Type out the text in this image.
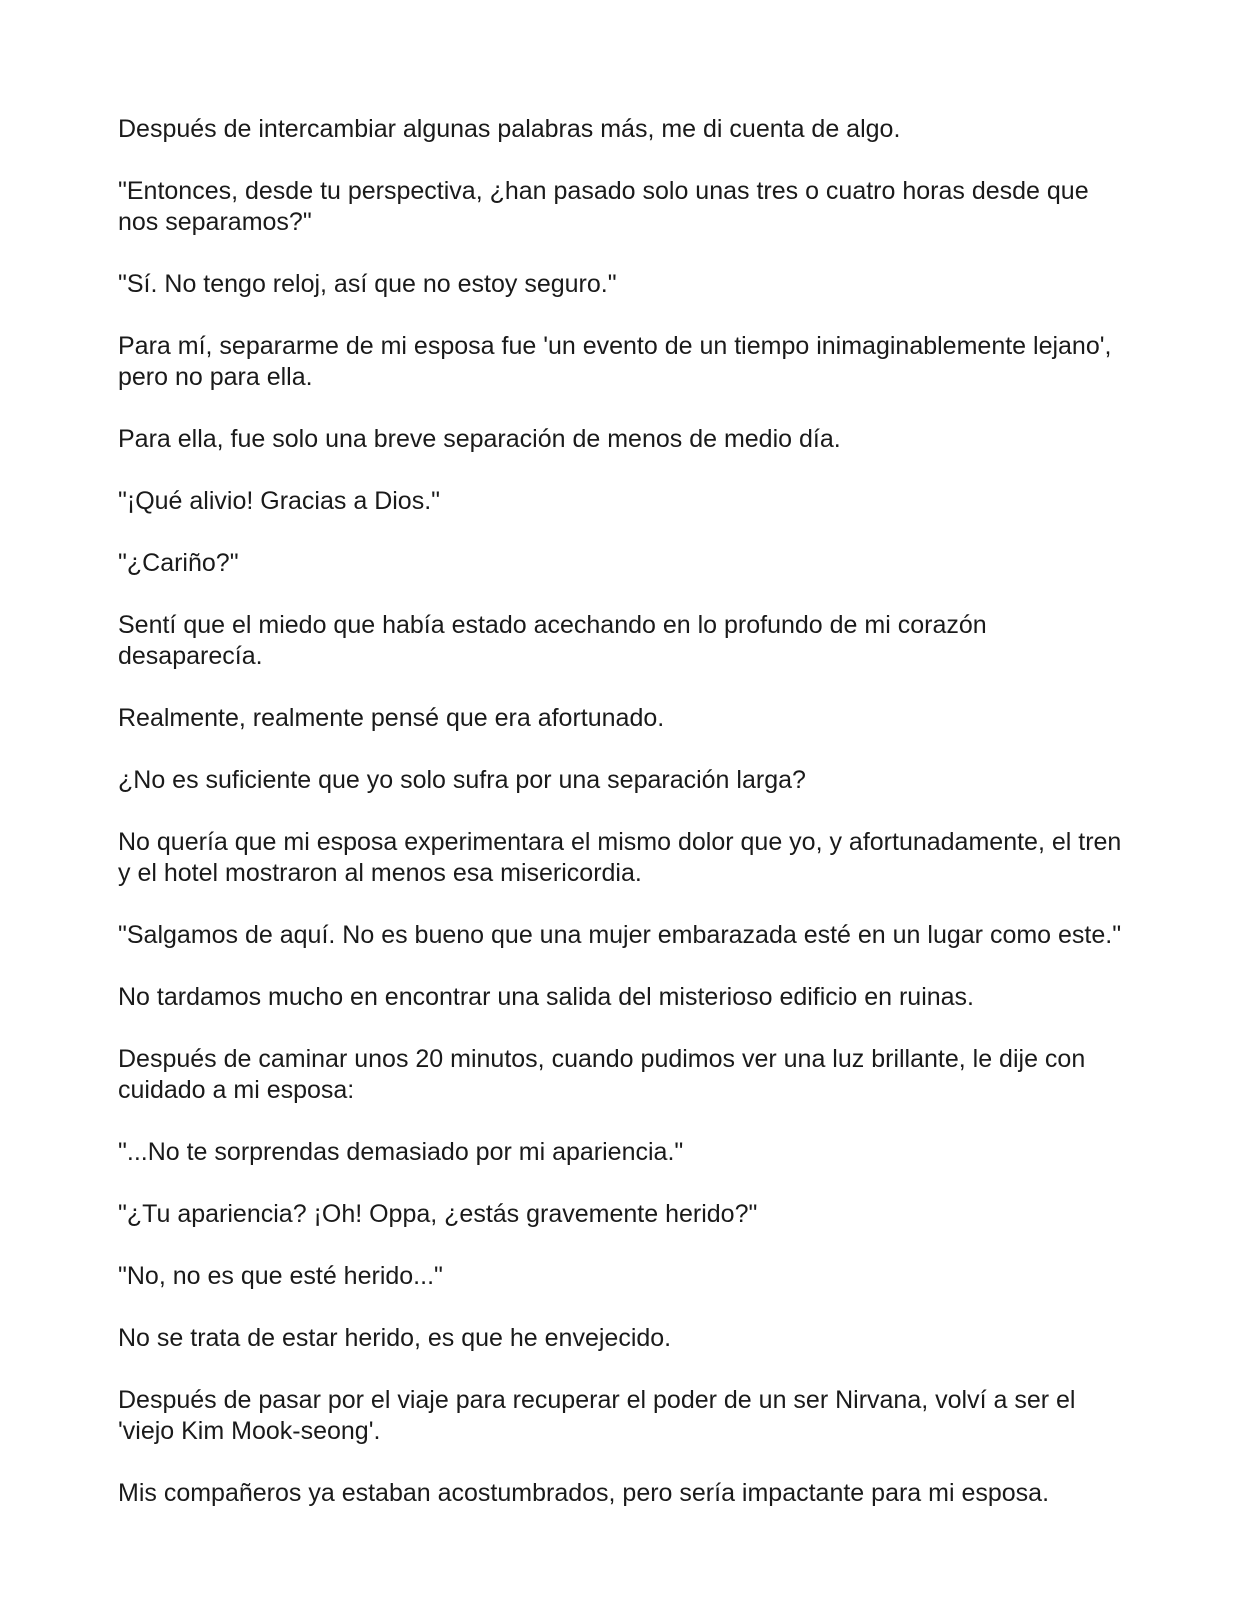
Después de intercambiar algunas palabras más, me di cuenta de algo.

"Entonces, desde tu perspectiva, ¿han pasado solo unas tres o cuatro horas desde que nos separamos?"

"Sí. No tengo reloj, así que no estoy seguro."

Para mí, separarme de mi esposa fue 'un evento de un tiempo inimaginablemente lejano', pero no para ella.

Para ella, fue solo una breve separación de menos de medio día.

"¡Qué alivio! Gracias a Dios."

"¿Cariño?"

Sentí que el miedo que había estado acechando en lo profundo de mi corazón desaparecía.

Realmente, realmente pensé que era afortunado.

¿No es suficiente que yo solo sufra por una separación larga?

No quería que mi esposa experimentara el mismo dolor que yo, y afortunadamente, el tren y el hotel mostraron al menos esa misericordia.

"Salgamos de aquí. No es bueno que una mujer embarazada esté en un lugar como este."

No tardamos mucho en encontrar una salida del misterioso edificio en ruinas.

Después de caminar unos 20 minutos, cuando pudimos ver una luz brillante, le dije con cuidado a mi esposa:

"...No te sorprendas demasiado por mi apariencia."

"¿Tu apariencia? ¡Oh! Oppa, ¿estás gravemente herido?"

"No, no es que esté herido..."

No se trata de estar herido, es que he envejecido.

Después de pasar por el viaje para recuperar el poder de un ser Nirvana, volví a ser el 'viejo Kim Mook-seong'.

Mis compañeros ya estaban acostumbrados, pero sería impactante para mi esposa.
